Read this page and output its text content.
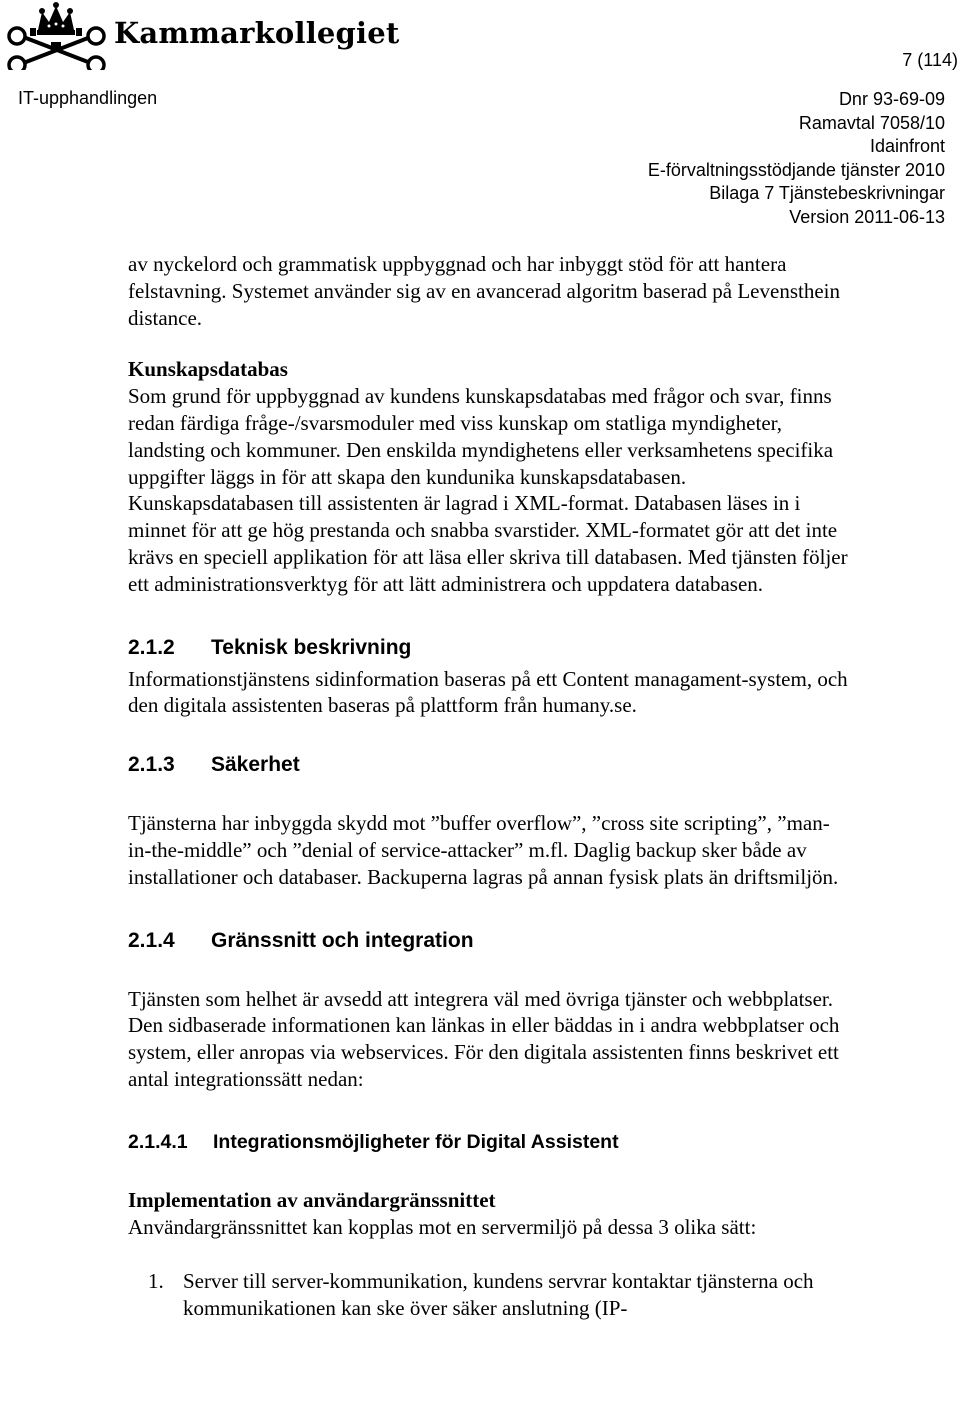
Kammarkollegiet
7 (114)
IT-upphandlingen	Dnr 93-69-09
Ramavtal 7058/10
Idainfront
E-förvaltningsstödjande tjänster 2010
Bilaga 7 Tjänstebeskrivningar
Version 2011-06-13

av nyckelord och grammatisk uppbyggnad och har inbyggt stöd för att hantera felstavning. Systemet använder sig av en avancerad algoritm baserad på Levensthein distance.

Kunskapsdatabas

Som grund för uppbyggnad av kundens kunskapsdatabas med frågor och svar, finns redan färdiga fråge-/svarsmoduler med viss kunskap om statliga myndigheter, landsting och kommuner. Den enskilda myndighetens eller verksamhetens specifika uppgifter läggs in för att skapa den kundunika kunskapsdatabasen.

Kunskapsdatabasen till assistenten är lagrad i XML-format. Databasen läses in i minnet för att ge hög prestanda och snabba svarstider. XML-formatet gör att det inte krävs en speciell applikation för att läsa eller skriva till databasen. Med tjänsten följer ett administrationsverktyg för att lätt administrera och uppdatera databasen.

2.1.2	Teknisk beskrivning

Informationstjänstens sidinformation baseras på ett Content managament-system, och den digitala assistenten baseras på plattform från humany.se.

2.1.3	Säkerhet

Tjänsterna har inbyggda skydd mot ”buffer overflow”, ”cross site scripting”, ”man-in-the-middle” och ”denial of service-attacker” m.fl. Daglig backup sker både av installationer och databaser. Backuperna lagras på annan fysisk plats än driftsmiljön.

2.1.4	Gränssnitt och integration

Tjänsten som helhet är avsedd att integrera väl med övriga tjänster och webbplatser. Den sidbaserade informationen kan länkas in eller bäddas in i andra webbplatser och system, eller anropas via webservices. För den digitala assistenten finns beskrivet ett antal integrationssätt nedan:

2.1.4.1	Integrationsmöjligheter för Digital Assistent

Implementation av användargränssnittet

Användargränssnittet kan kopplas mot en servermiljö på dessa 3 olika sätt:

1. Server till server-kommunikation, kundens servrar kontaktar tjänsterna och kommunikationen kan ske över säker anslutning (IP-
